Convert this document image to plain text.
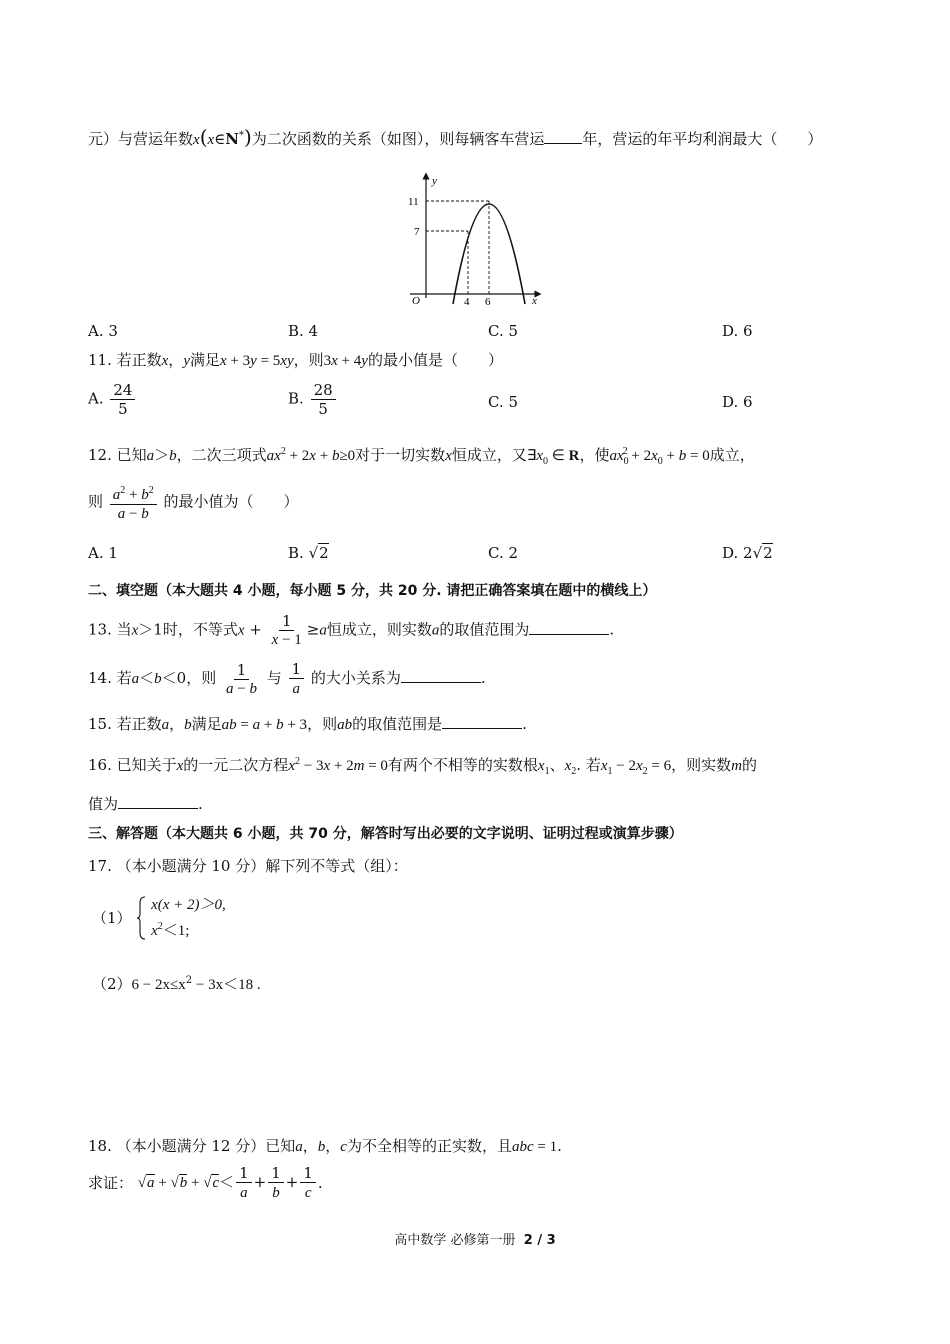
元）与营运年数x(x∈N*)为二次函数的关系（如图），则每辆客车营运	年，营运的年平均利润最大（ ）
y
x
O
11
7
4 6
A. 3	B. 4	C. 5	D. 6
11. 若正数x，y满足x + 3y = 5xy，则3x + 4y的最小值是（　　）
A. $\frac{24}{5}$	B. $\frac{28}{5}$	C. 5	D. 6
12. 已知a＞b，二次三项式$ax^2 + 2x + b\ge 0$对于一切实数x恒成立，又$\exists x_0$ ∈ R，使$ax_0^2 + 2x_0 + b = 0$成立，
则 $\frac{a^2 + b^2}{a - b}$ 的最小值为（　　）
A. 1	B. √2	C. 2	D. 2√2
二、填空题（本大题共 4 小题，每小题 5 分，共 20 分. 请把正确答案填在题中的横线上）
13. 当x＞1时，不等式$x + \frac{1}{x - 1} \ge a$恒成立，则实数a的取值范围为	.
14. 若a＜b＜0，则 $\frac{1}{a - b}$ 与 $\frac{1}{a}$ 的大小关系为	.
15. 若正数a，b满足ab = a + b + 3，则ab的取值范围是	.
16. 已知关于x的一元二次方程$x^2 - 3x + 2m = 0$有两个不相等的实数根$x_1$、$x_2$. 若$x_1 - 2x_2 = 6$，则实数m的
值为	.
三、解答题（本大题共 6 小题，共 70 分，解答时写出必要的文字说明、证明过程或演算步骤）
17. （本小题满分 10 分）解下列不等式（组）：
（1）
x(x + 2)＞0,
$x^2<1$;
$(2)6 - 2x\le x^2 - 3x<18$ .
18. （本小题满分 12 分）已知a，b，c为不全相等的正实数，且abc = 1.
求证： $√a + √b + √c< \frac{1}{a} + \frac{1}{b} + \frac{1}{c}$ .
高中数学 必修第一册 2 / 3
